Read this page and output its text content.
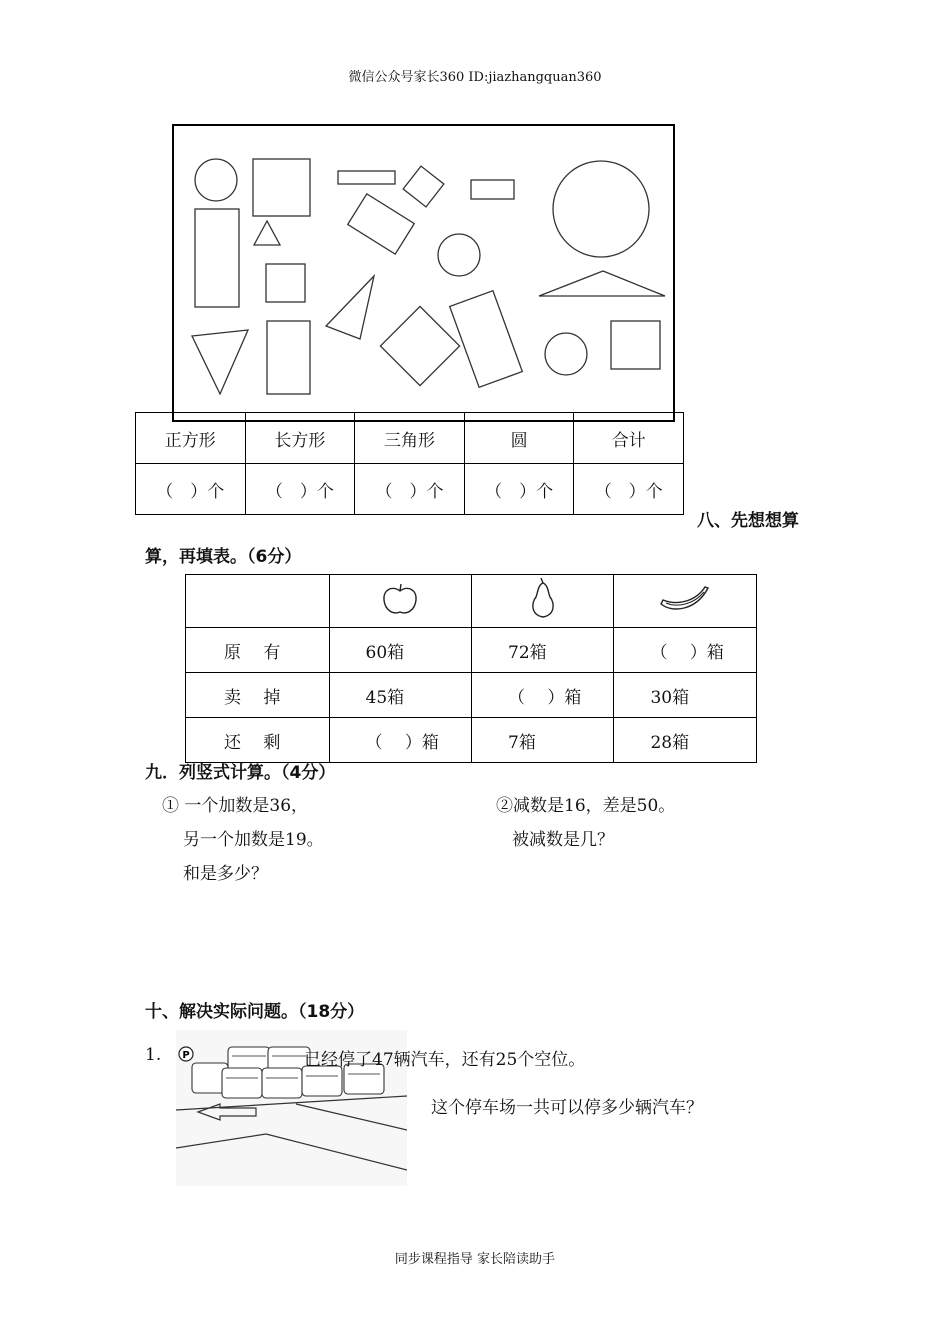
微信公众号家长360 ID:jiazhangquan360
正方形	长方形	三角形	圆	合计
（　）个	（　）个	（　）个	（　）个	（　）个
八、先想想算
算，再填表。（6分）

原　 有	60箱	72箱	（　 ）箱
卖　 掉	45箱	（　 ）箱	30箱
还　 剩	（　 ）箱	7箱	28箱
九．列竖式计算。（4分）
① 一个加数是36，
另一个加数是19。
和是多少？
②减数是16，差是50。
被减数是几？
十、解决实际问题。（18分）
1. P	已经停了47辆汽车，还有25个空位。
这个停车场一共可以停多少辆汽车？
同步课程指导 家长陪读助手
